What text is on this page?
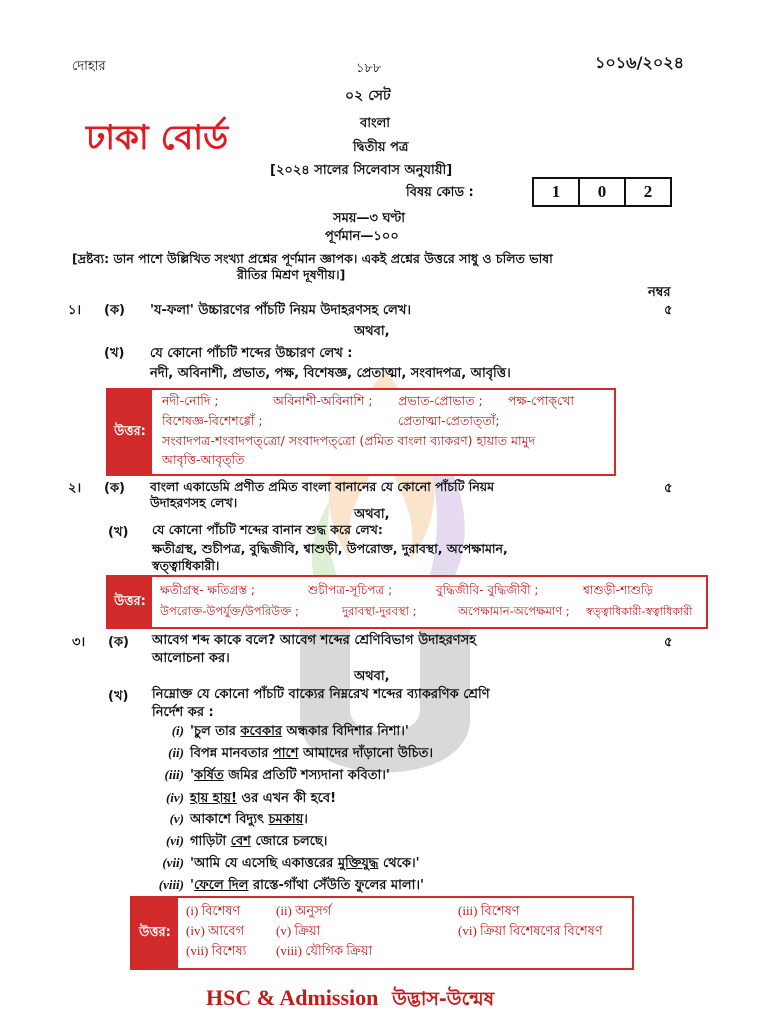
দোহার	১৮৮	১০১৬/২০২৪
০২ সেট
ঢাকা বোর্ড	বাংলা
দ্বিতীয় পত্র
[২০২৪ সালের সিলেবাস অনুযায়ী]
বিষয় কোড :	1	0	2
সময়—৩ ঘণ্টা
পূর্ণমান—১০০
[দ্রষ্টব্য: ডান পাশে উল্লিখিত সংখ্যা প্রশ্নের পূর্ণমান জ্ঞাপক। একই প্রশ্নের উত্তরে সাধু ও চলিত ভাষা
রীতির মিশ্রণ দূষণীয়।]
নম্বর
১। (ক) 'য-ফলা' উচ্চারণের পাঁচটি নিয়ম উদাহরণসহ লেখ।	৫
অথবা,
(খ) যে কোনো পাঁচটি শব্দের উচ্চারণ লেখ :
নদী, অবিনাশী, প্রভাত, পক্ষ, বিশেষজ্ঞ, প্রেতাত্মা, সংবাদপত্র, আবৃত্তি।
উত্তর:
নদী-নোদি ;	অবিনাশী-অবিনাশি ; প্রভাত-প্রোভাত ; পক্ষ-পোক্‌খো
বিশেষজ্ঞ-বিশেশগ্গোঁ ;	প্রেতাত্মা-প্রেতাত্‌তাঁ;
সংবাদপত্র-শংবাদপত্‌ত্রো/ সংবাদপত্‌ত্রো (প্রমিত বাংলা ব্যাকরণ) হায়াত মামুদ
আবৃত্তি-আবৃত্‌তি
২। (ক) বাংলা একাডেমি প্রণীত প্রমিত বাংলা বানানের যে কোনো পাঁচটি নিয়ম
উদাহরণসহ লেখ।
৫
অথবা,
(খ) যে কোনো পাঁচটি শব্দের বানান শুদ্ধ করে লেখ:
ক্ষতীগ্রস্থ, শুচীপত্র, বুদ্ধিজীবি, শ্বাশুড়ী, উপরোক্ত, দুরাবস্থা, অপেক্ষামান,
স্বত্ত্বাধিকারী।
উত্তর:
ক্ষতীগ্রস্থ- ক্ষতিগ্রস্ত ;	শুচীপত্র-সূচিপত্র ;	বুদ্ধিজীবি- বুদ্ধিজীবী ;	শ্বাশুড়ী-শাশুড়ি
উপরোক্ত-উপর্যুক্ত/উপরিউক্ত ;	দুরাবস্থা-দুরবস্থা ;	অপেক্ষামান-অপেক্ষমাণ ; স্বত্ত্বাধিকারী-স্বত্বাধিকারী
৩। (ক) আবেগ শব্দ কাকে বলে? আবেগ শব্দের শ্রেণিবিভাগ উদাহরণসহ
আলোচনা কর।
৫
অথবা,
(খ) নিম্নোক্ত যে কোনো পাঁচটি বাক্যের নিম্নরেখ শব্দের ব্যাকরণিক শ্রেণি
নির্দেশ কর :
(i) 'চুল তার কবেকার অন্ধকার বিদিশার নিশা।'
(ii) বিপন্ন মানবতার পাশে আমাদের দাঁড়ানো উচিত।
(iii) 'কর্ষিত জমির প্রতিটি শস্যদানা কবিতা।'
(iv) হায় হায়! ওর এখন কী হবে!
(v) আকাশে বিদ্যুৎ চমকায়।
(vi) গাড়িটা বেশ জোরে চলছে।
(vii) 'আমি যে এসেছি একাত্তরের মুক্তিযুদ্ধ থেকে।'
(viii) 'ফেলে দিল রাস্তে-গাঁথা সেঁউতি ফুলের মালা।'
উত্তর:
(i) বিশেষণ	(ii) অনুসর্গ	(iii) বিশেষণ
(iv) আবেগ (v) ক্রিয়া	(vi) ক্রিয়া বিশেষণের বিশেষণ
(vii) বিশেষ্য (viii) যৌগিক ক্রিয়া
HSC & Admission উদ্ভাস-উন্মেষ
